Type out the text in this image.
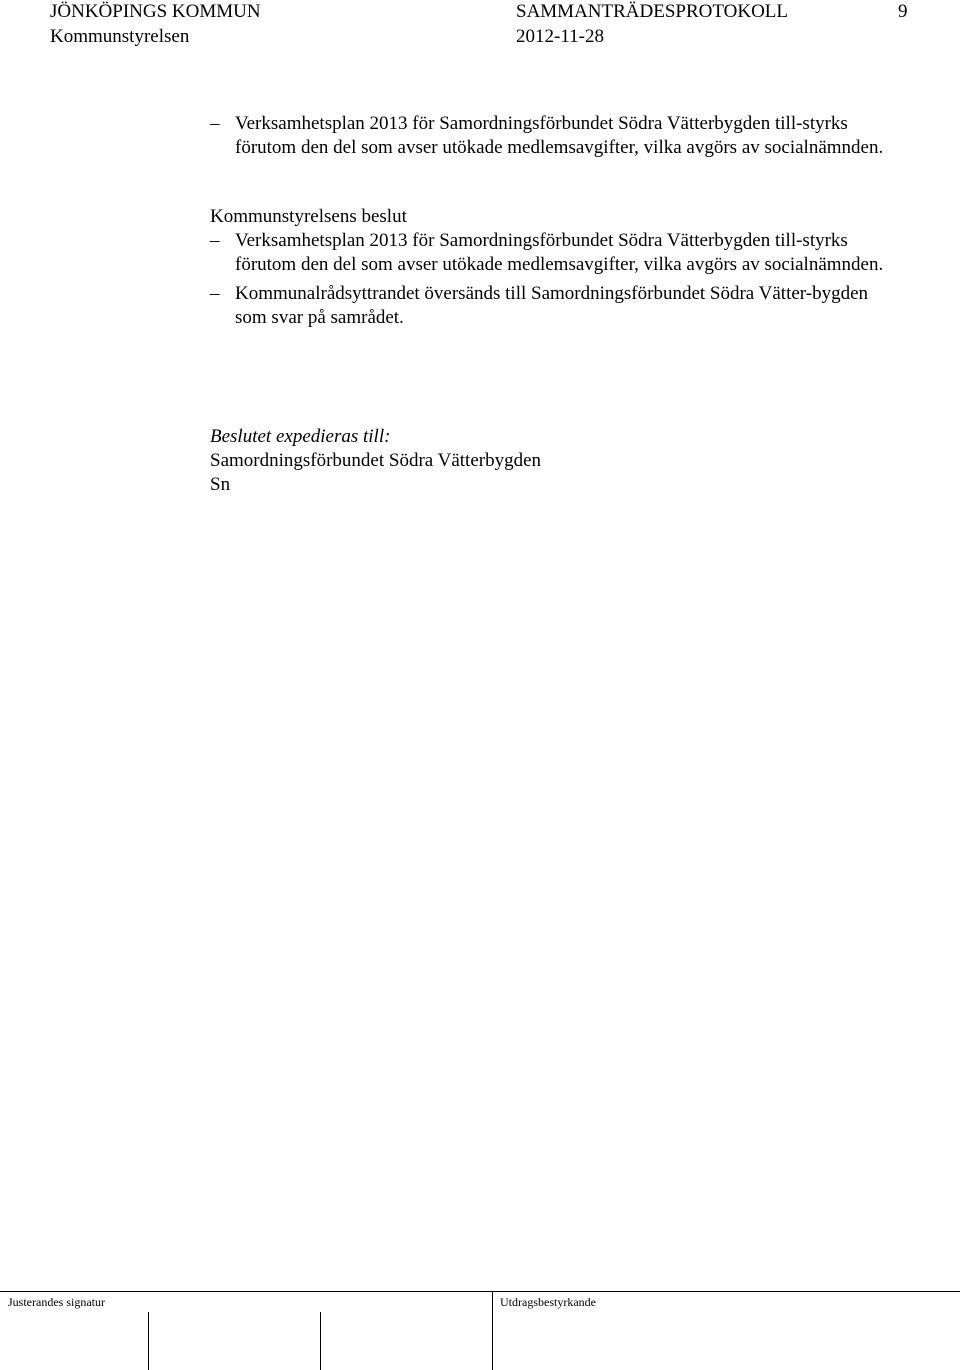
JÖNKÖPINGS KOMMUN
Kommunstyrelsen
SAMMANTRÄDESPROTOKOLL
2012-11-28
9
– Verksamhetsplan 2013 för Samordningsförbundet Södra Vätterbygden till-styrks förutom den del som avser utökade medlemsavgifter, vilka avgörs av socialnämnden.
Kommunstyrelsens beslut
– Verksamhetsplan 2013 för Samordningsförbundet Södra Vätterbygden till-styrks förutom den del som avser utökade medlemsavgifter, vilka avgörs av socialnämnden.
– Kommunalrådsyttrandet översänds till Samordningsförbundet Södra Vätter-bygden som svar på samrådet.
Beslutet expedieras till:
Samordningsförbundet Södra Vätterbygden
Sn
Justerandes signatur	Utdragsbestyrkande
